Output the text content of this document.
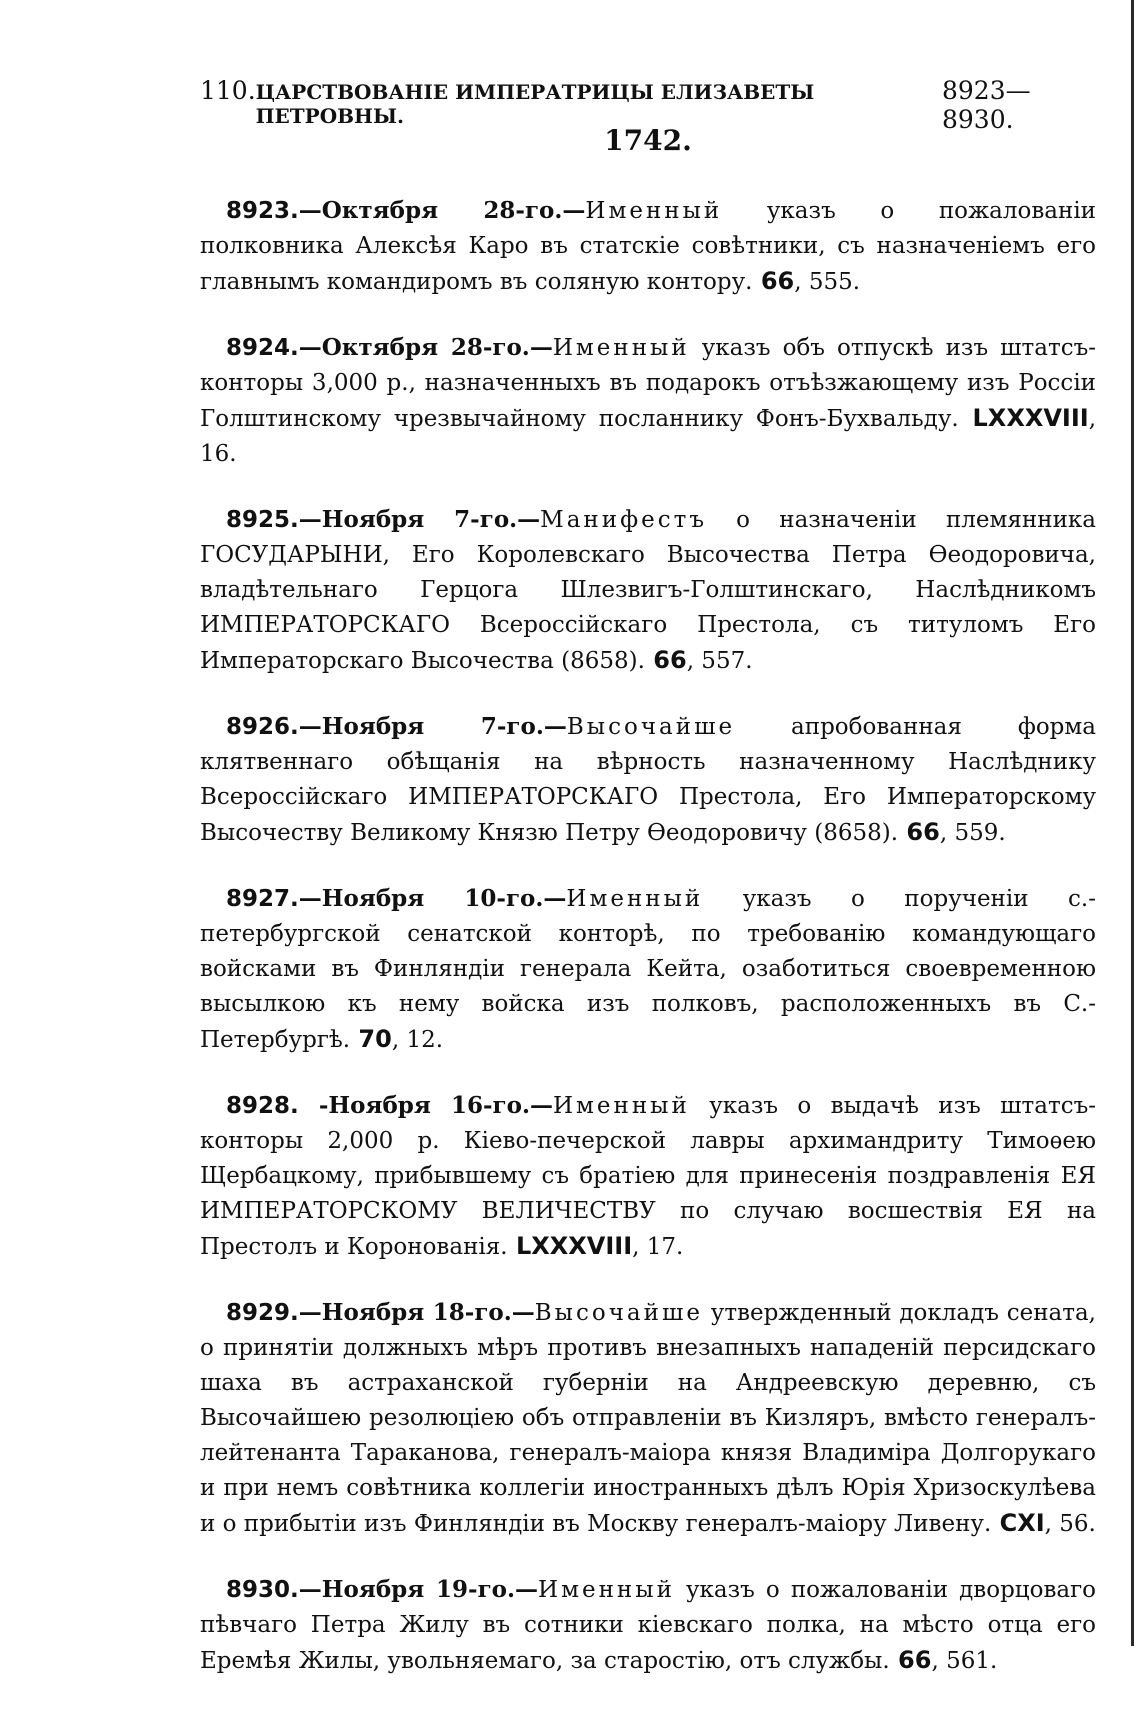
110. ЦАРСТВОВАНІЕ ИМПЕРАТРИЦЫ ЕЛИЗАВЕТЫ ПЕТРОВНЫ.
8923—8930.
1742.

8923.—Октября 28-го.—Именный указъ о пожалованіи полковника Алексѣя Каро въ статскіе совѣтники, съ назначеніемъ его главнымъ командиромъ въ соляную контору. 66, 555.

8924.—Октября 28-го.—Именный указъ объ отпускѣ изъ штатсъ-конторы 3,000 р., назначенныхъ въ подарокъ отъѣзжающему изъ Россіи Голштинскому чрезвычайному посланнику Фонъ-Бухвальду. LXXXVIII, 16.

8925.—Ноября 7-го.—Манифестъ о назначеніи племянника ГОСУДАРЫНИ, Его Королевскаго Высочества Петра Ѳеодоровича, владѣтельнаго Герцога Шлезвигъ-Голштинскаго, Наслѣдникомъ ИМПЕРАТОРСКАГО Всероссійскаго Престола, съ титуломъ Его Императорскаго Высочества (8658). 66, 557.

8926.—Ноября 7-го.—Высочайше апробованная форма клятвеннаго обѣщанія на вѣрность назначенному Наслѣднику Всероссійскаго ИМПЕРАТОРСКАГО Престола, Его Императорскому Высочеству Великому Князю Петру Ѳеодоровичу (8658). 66, 559.

8927.—Ноября 10-го.—Именный указъ о порученіи с.-петербургской сенатской конторѣ, по требованію командующаго войсками въ Финляндіи генерала Кейта, озаботиться своевременною высылкою къ нему войска изъ полковъ, расположенныхъ въ С.-Петербургѣ. 70, 12.

8928. -Ноября 16-го.—Именный указъ о выдачѣ изъ штатсъ-конторы 2,000 р. Кіево-печерской лавры архимандриту Тимоѳею Щербацкому, прибывшему съ братіею для принесенія поздравленія ЕЯ ИМПЕРАТОРСКОМУ ВЕЛИЧЕСТВУ по случаю восшествія ЕЯ на Престолъ и Коронованія. LXXXVIII, 17.

8929.—Ноября 18-го.—Высочайше утвержденный докладъ сената, о принятіи должныхъ мѣръ противъ внезапныхъ нападеній персидскаго шаха въ астраханской губерніи на Андреевскую деревню, съ Высочайшею резолюціею объ отправленіи въ Кизляръ, вмѣсто генералъ-лейтенанта Тараканова, генералъ-маіора князя Владиміра Долгорукаго и при немъ совѣтника коллегіи иностранныхъ дѣлъ Юрія Хризоскулѣева и о прибытіи изъ Финляндіи въ Москву генералъ-маіору Ливену. CXI, 56.

8930.—Ноября 19-го.—Именный указъ о пожалованіи дворцоваго пѣвчаго Петра Жилу въ сотники кіевскаго полка, на мѣсто отца его Еремѣя Жилы, увольняемаго, за старостію, отъ службы. 66, 561.
